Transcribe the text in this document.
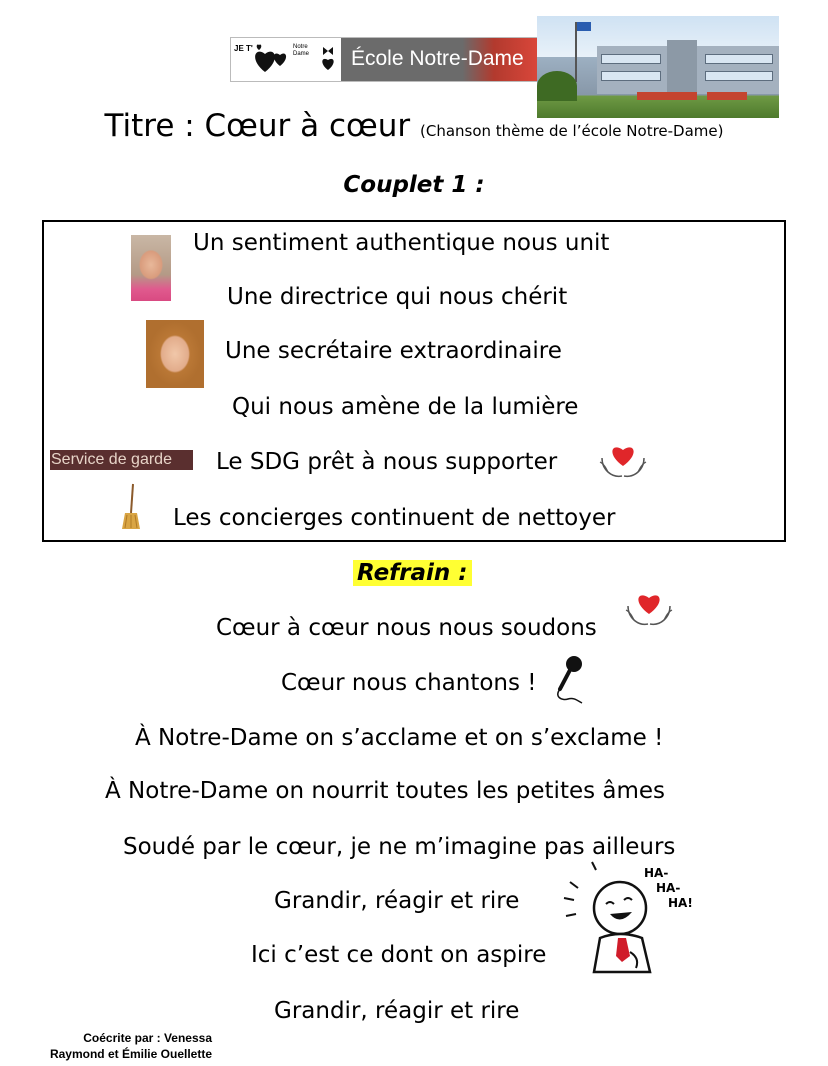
JE T'	Notre Dame	École Notre-Dame
Titre : Cœur à cœur (Chanson thème de l’école Notre-Dame)
Couplet 1 :
Un sentiment authentique nous unit
Une directrice qui nous chérit
Une secrétaire extraordinaire
Qui nous amène de la lumière
Le SDG prêt à nous supporter
Les concierges continuent de nettoyer
Service de garde
Refrain :
Cœur à cœur nous nous soudons
Cœur nous chantons !
À Notre-Dame on s’acclame et on s’exclame !
À Notre-Dame on nourrit toutes les petites âmes
Soudé par le cœur, je ne m’imagine pas ailleurs
Grandir, réagir et rire
Ici c’est ce dont on aspire
Grandir, réagir et rire
HA-
HA-
HA!
Coécrite par : Venessa
Raymond et Émilie Ouellette
